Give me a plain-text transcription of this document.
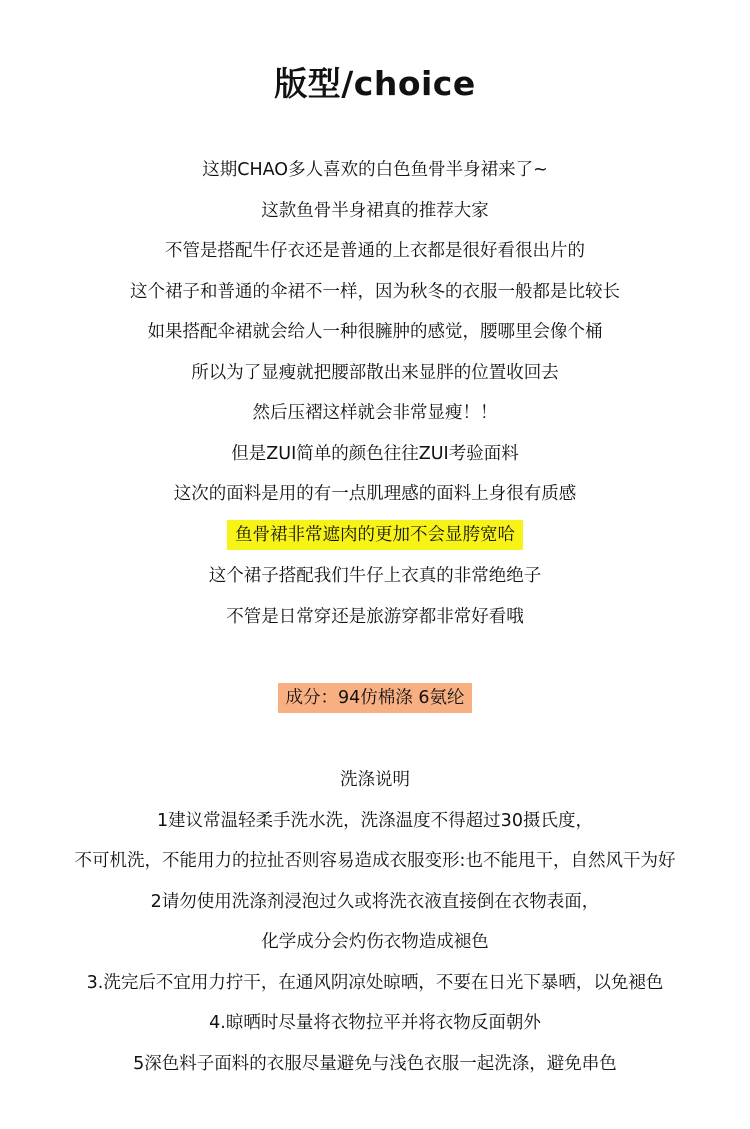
版型/choice
这期CHAO多人喜欢的白色鱼骨半身裙来了~
这款鱼骨半身裙真的推荐大家
不管是搭配牛仔衣还是普通的上衣都是很好看很出片的
这个裙子和普通的伞裙不一样，因为秋冬的衣服一般都是比较长
如果搭配伞裙就会给人一种很臃肿的感觉，腰哪里会像个桶
所以为了显瘦就把腰部散出来显胖的位置收回去
然后压褶这样就会非常显瘦！！
但是ZUI简单的颜色往往ZUI考验面料
这次的面料是用的有一点肌理感的面料上身很有质感
鱼骨裙非常遮肉的更加不会显胯宽哈
这个裙子搭配我们牛仔上衣真的非常绝绝子
不管是日常穿还是旅游穿都非常好看哦
成分：94仿棉涤 6氨纶
洗涤说明
1建议常温轻柔手洗水洗，洗涤温度不得超过30摄氏度，
不可机洗，不能用力的拉扯否则容易造成衣服变形:也不能甩干，自然风干为好
2请勿使用洗涤剂浸泡过久或将洗衣液直接倒在衣物表面，
化学成分会灼伤衣物造成褪色
3.洗完后不宜用力拧干，在通风阴凉处晾晒，不要在日光下暴晒，以免褪色
4.晾晒时尽量将衣物拉平并将衣物反面朝外
5深色料子面料的衣服尽量避免与浅色衣服一起洗涤，避免串色
